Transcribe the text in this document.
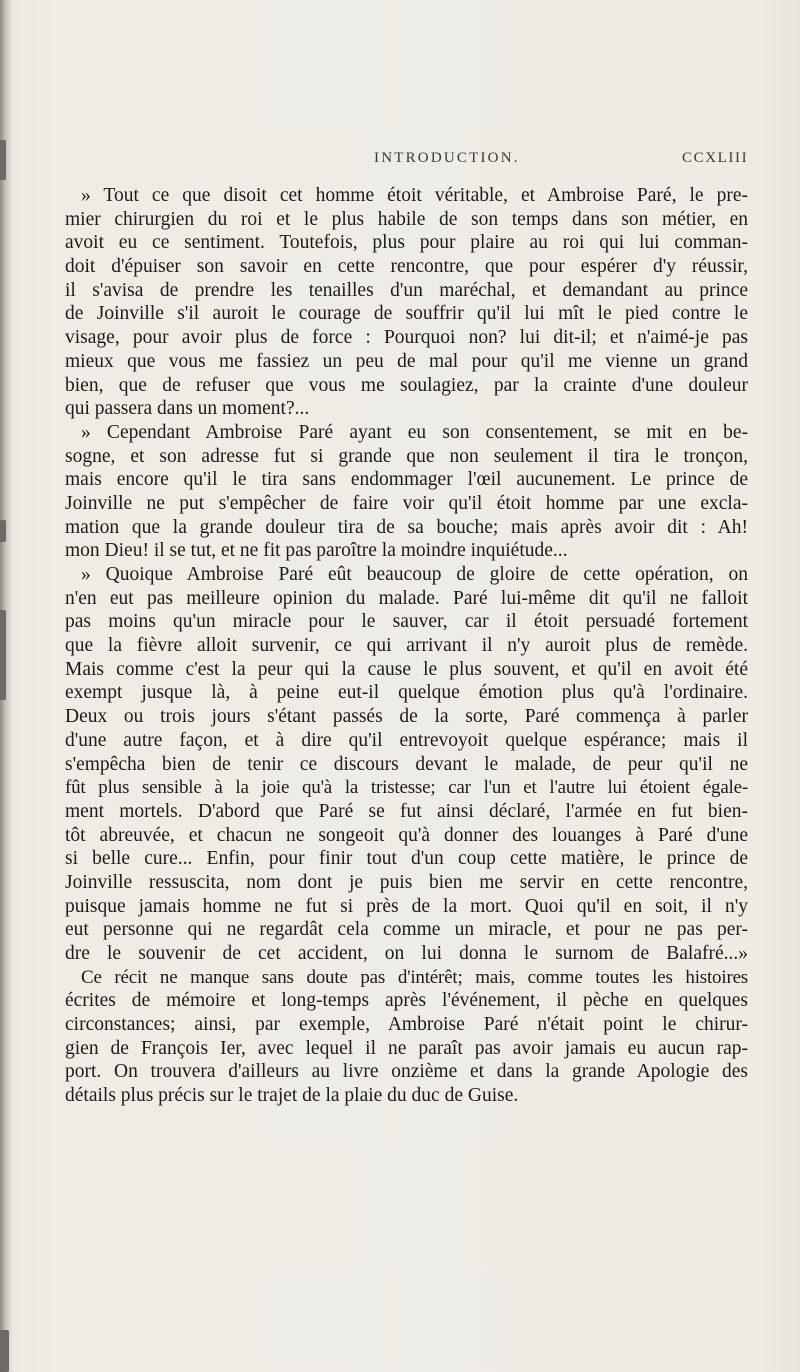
INTRODUCTION.	CCXLIII
» Tout ce que disoit cet homme étoit véritable, et Ambroise Paré, le pre-
mier chirurgien du roi et le plus habile de son temps dans son métier, en
avoit eu ce sentiment. Toutefois, plus pour plaire au roi qui lui comman-
doit d'épuiser son savoir en cette rencontre, que pour espérer d'y réussir,
il s'avisa de prendre les tenailles d'un maréchal, et demandant au prince
de Joinville s'il auroit le courage de souffrir qu'il lui mît le pied contre le
visage, pour avoir plus de force : Pourquoi non? lui dit-il; et n'aimé-je pas
mieux que vous me fassiez un peu de mal pour qu'il me vienne un grand
bien, que de refuser que vous me soulagiez, par la crainte d'une douleur
qui passera dans un moment?...
» Cependant Ambroise Paré ayant eu son consentement, se mit en be-
sogne, et son adresse fut si grande que non seulement il tira le tronçon,
mais encore qu'il le tira sans endommager l'œil aucunement. Le prince de
Joinville ne put s'empêcher de faire voir qu'il étoit homme par une excla-
mation que la grande douleur tira de sa bouche; mais après avoir dit : Ah!
mon Dieu! il se tut, et ne fit pas paroître la moindre inquiétude...
» Quoique Ambroise Paré eût beaucoup de gloire de cette opération, on
n'en eut pas meilleure opinion du malade. Paré lui-même dit qu'il ne falloit
pas moins qu'un miracle pour le sauver, car il étoit persuadé fortement
que la fièvre alloit survenir, ce qui arrivant il n'y auroit plus de remède.
Mais comme c'est la peur qui la cause le plus souvent, et qu'il en avoit été
exempt jusque là, à peine eut-il quelque émotion plus qu'à l'ordinaire.
Deux ou trois jours s'étant passés de la sorte, Paré commença à parler
d'une autre façon, et à dire qu'il entrevoyoit quelque espérance; mais il
s'empêcha bien de tenir ce discours devant le malade, de peur qu'il ne
fût plus sensible à la joie qu'à la tristesse; car l'un et l'autre lui étoient égale-
ment mortels. D'abord que Paré se fut ainsi déclaré, l'armée en fut bien-
tôt abreuvée, et chacun ne songeoit qu'à donner des louanges à Paré d'une
si belle cure... Enfin, pour finir tout d'un coup cette matière, le prince de
Joinville ressuscita, nom dont je puis bien me servir en cette rencontre,
puisque jamais homme ne fut si près de la mort. Quoi qu'il en soit, il n'y
eut personne qui ne regardât cela comme un miracle, et pour ne pas per-
dre le souvenir de cet accident, on lui donna le surnom de Balafré...»
Ce récit ne manque sans doute pas d'intérêt; mais, comme toutes les histoires
écrites de mémoire et long-temps après l'événement, il pèche en quelques
circonstances; ainsi, par exemple, Ambroise Paré n'était point le chirur-
gien de François Ier, avec lequel il ne paraît pas avoir jamais eu aucun rap-
port. On trouvera d'ailleurs au livre onzième et dans la grande Apologie des
détails plus précis sur le trajet de la plaie du duc de Guise.
